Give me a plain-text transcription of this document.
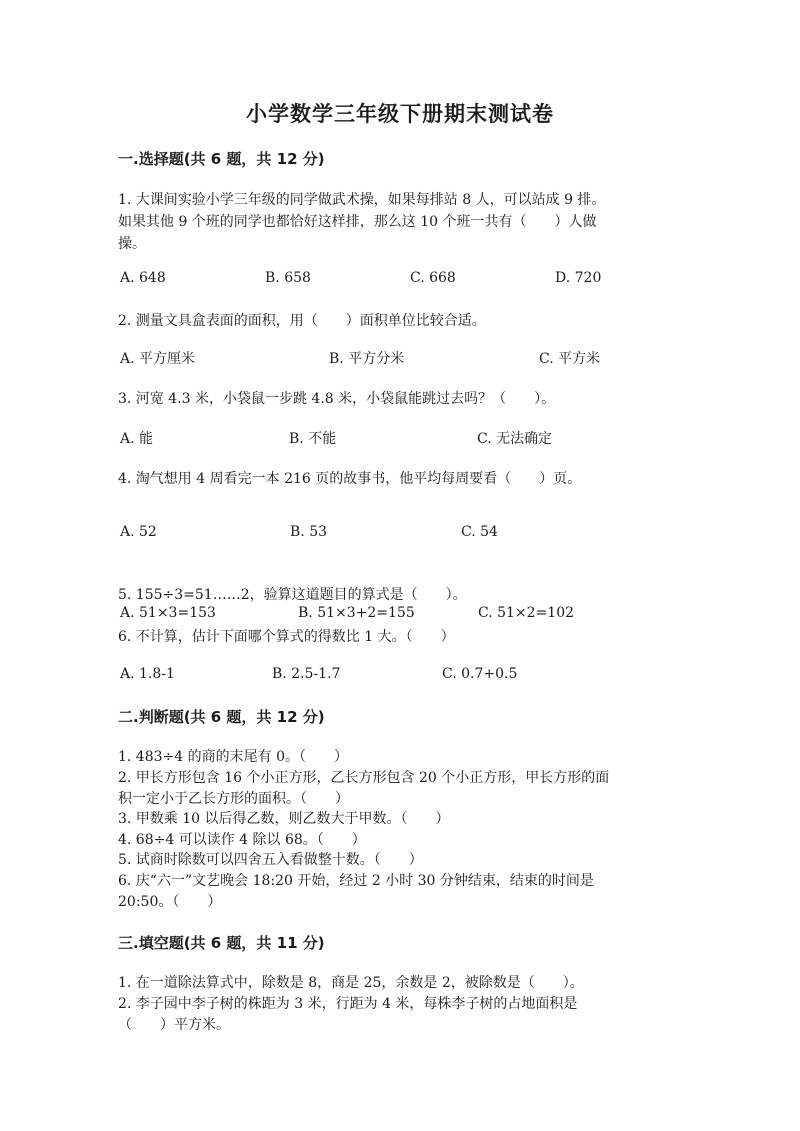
小学数学三年级下册期末测试卷
一.选择题(共 6 题，共 12 分)
1. 大课间实验小学三年级的同学做武术操，如果每排站 8 人，可以站成 9 排。
如果其他 9 个班的同学也都恰好这样排，那么这 10 个班一共有（　　）人做
操。
A. 648	B. 658	C. 668	D. 720
2. 测量文具盒表面的面积，用（　　）面积单位比较合适。
A. 平方厘米	B. 平方分米	C. 平方米
3. 河宽 4.3 米，小袋鼠一步跳 4.8 米，小袋鼠能跳过去吗？（　　）。
A. 能	B. 不能	C. 无法确定
4. 淘气想用 4 周看完一本 216 页的故事书，他平均每周要看（　　）页。
A. 52	B. 53	C. 54
5. 155÷3=51……2，验算这道题目的算式是（　　）。
A. 51×3=153	B. 51×3+2=155	C. 51×2=102
6. 不计算，估计下面哪个算式的得数比 1 大。（　　）
A. 1.8-1	B. 2.5-1.7	C. 0.7+0.5
二.判断题(共 6 题，共 12 分)
1. 483÷4 的商的末尾有 0。（　　）
2. 甲长方形包含 16 个小正方形，乙长方形包含 20 个小正方形，甲长方形的面
积一定小于乙长方形的面积。（　　）
3. 甲数乘 10 以后得乙数，则乙数大于甲数。（　　）
4. 68÷4 可以读作 4 除以 68。（　　）
5. 试商时除数可以四舍五入看做整十数。（　　）
6. 庆“六一”文艺晚会 18:20 开始，经过 2 小时 30 分钟结束，结束的时间是
20:50。（　　）
三.填空题(共 6 题，共 11 分)
1. 在一道除法算式中，除数是 8，商是 25，余数是 2，被除数是（　　）。
2. 李子园中李子树的株距为 3 米，行距为 4 米，每株李子树的占地面积是
（　　）平方米。
